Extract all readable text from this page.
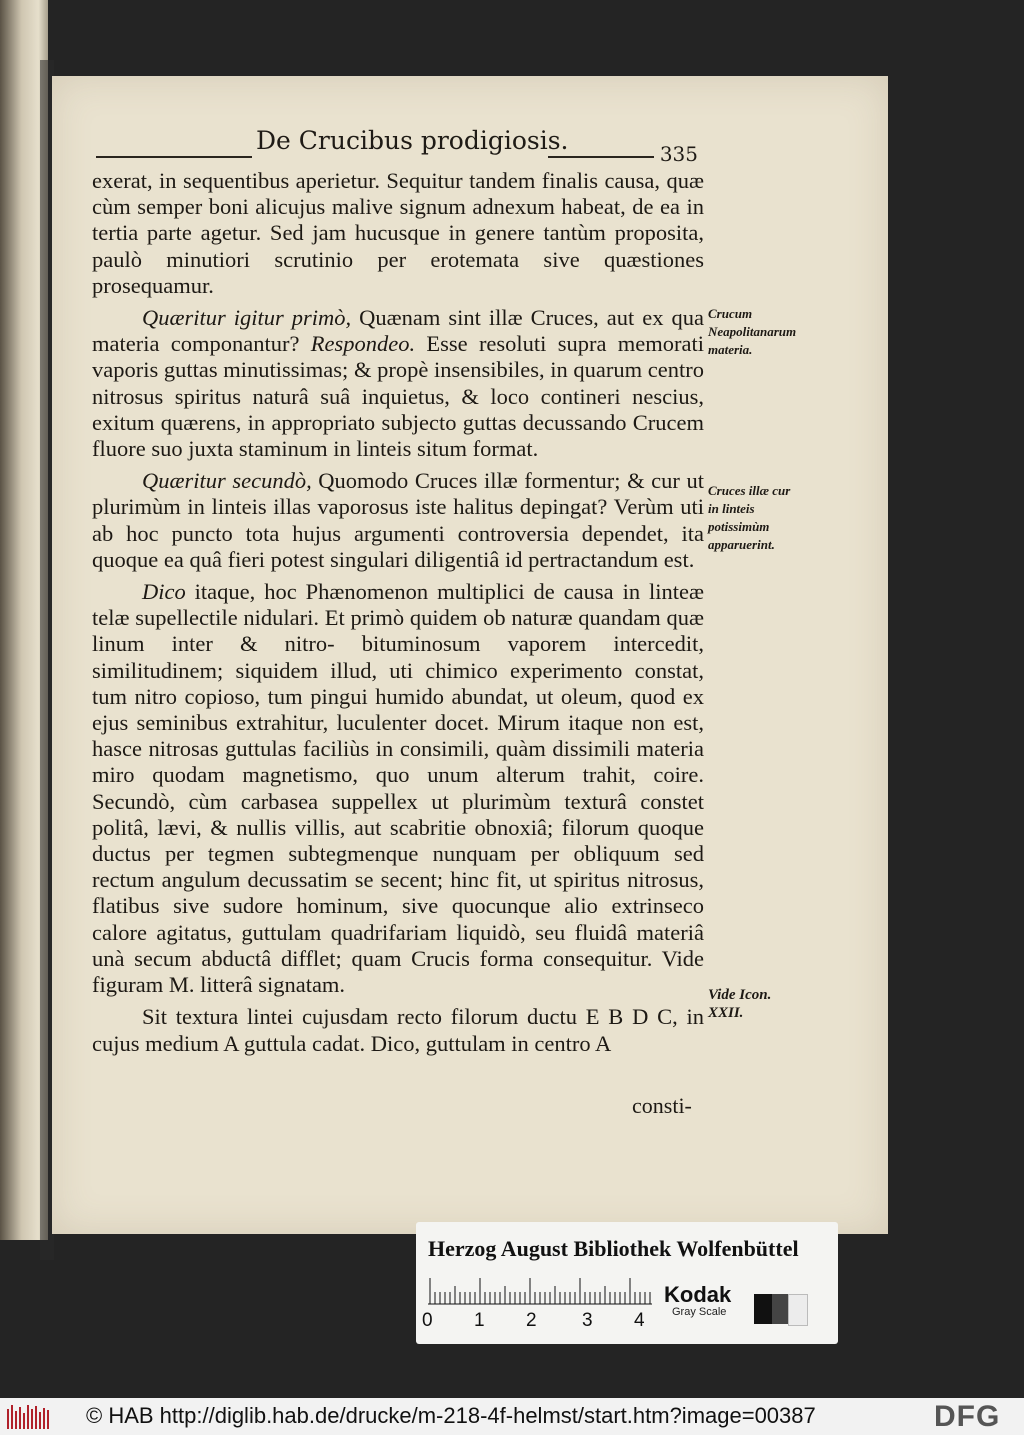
De Crucibus prodigiosis.	335

exerat, in sequentibus aperietur. Sequitur tandem finalis causa, quæ cùm semper boni alicujus malive signum adnexum habeat, de ea in tertia parte agetur. Sed jam hucusque in genere tantùm proposita, paulò minutiori scrutinio per erotemata sive quæstiones prosequamur.

Quæritur igitur primò, Quænam sint illæ Cruces, aut ex qua materia componantur? Respondeo. Esse resoluti supra memorati vaporis guttas minutissimas; & propè insensibiles, in quarum centro nitrosus spiritus naturâ suâ inquietus, & loco contineri nescius, exitum quærens, in appropriato subjecto guttas decussando Crucem fluore suo juxta staminum in linteis situm format.

Quæritur secundò, Quomodo Cruces illæ formentur; & cur ut plurimùm in linteis illas vaporosus iste halitus depingat? Verùm uti ab hoc puncto tota hujus argumenti controversia dependet, ita quoque ea quâ fieri potest singulari diligentiâ id pertractandum est.

Dico itaque, hoc Phænomenon multiplici de causa in linteæ telæ supellectile nidulari. Et primò quidem ob naturæ quandam quæ linum inter & nitro- bituminosum vaporem intercedit, similitudinem; siquidem illud, uti chimico experimento constat, tum nitro copioso, tum pingui humido abundat, ut oleum, quod ex ejus seminibus extrahitur, luculenter docet. Mirum itaque non est, hasce nitrosas guttulas faciliùs in consimili, quàm dissimili materia miro quodam magnetismo, quo unum alterum trahit, coire. Secundò, cùm carbasea suppellex ut plurimùm texturâ constet politâ, lævi, & nullis villis, aut scabritie obnoxiâ; filorum quoque ductus per tegmen subtegmenque nunquam per obliquum sed rectum angulum decussatim se secent; hinc fit, ut spiritus nitrosus, flatibus sive sudore hominum, sive quocunque alio extrinseco calore agitatus, guttulam quadrifariam liquidò, seu fluidâ materiâ unà secum abductâ difflet; quam Crucis forma consequitur. Vide figuram M. litterâ signatam.

Sit textura lintei cujusdam recto filorum ductu E B D C, in cujus medium A guttula cadat. Dico, guttulam in centro A

consti-
Crucum Neapolitanarum materia.
Cruces illæ cur in linteis potissimùm apparuerint.
Vide Icon. XXII.
Herzog August Bibliothek Wolfenbüttel
0 1 2 3 4
Kodak
Gray Scale
© HAB http://diglib.hab.de/drucke/m-218-4f-helmst/start.htm?image=00387	DFG
